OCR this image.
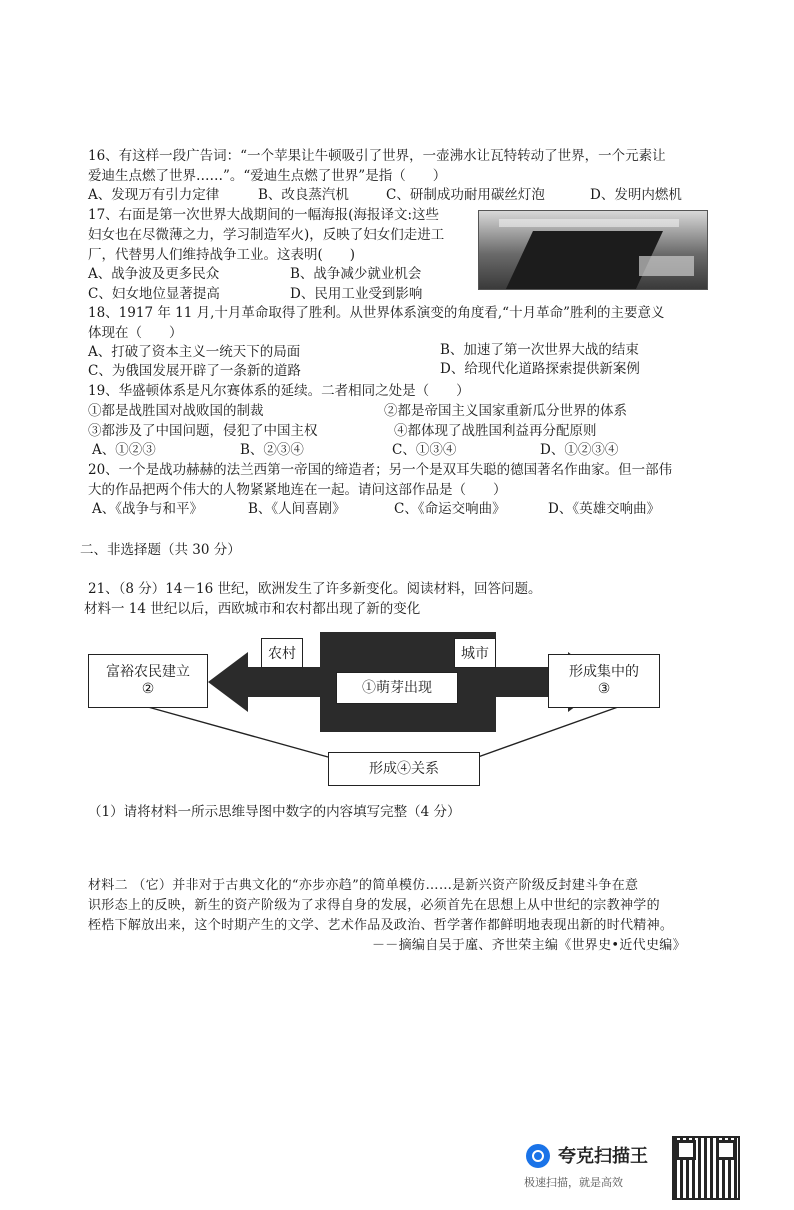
16、有这样一段广告词：“一个苹果让牛顿吸引了世界，一壶沸水让瓦特转动了世界，一个元素让
爱迪生点燃了世界……”。“爱迪生点燃了世界”是指（　　）
A、发现万有引力定律	B、改良蒸汽机	C、研制成功耐用碳丝灯泡	D、发明内燃机
17、右面是第一次世界大战期间的一幅海报(海报译文:这些
妇女也在尽微薄之力，学习制造军火)，反映了妇女们走进工
厂，代替男人们维持战争工业。这表明(　　)
A、战争波及更多民众	B、战争减少就业机会
C、妇女地位显著提高	D、民用工业受到影响
18、1917 年 11 月,十月革命取得了胜利。从世界体系演变的角度看,“十月革命”胜利的主要意义
体现在（　　）
A、打破了资本主义一统天下的局面	B、加速了第一次世界大战的结束
C、为俄国发展开辟了一条新的道路	D、给现代化道路探索提供新案例
19、华盛顿体系是凡尔赛体系的延续。二者相同之处是（　　）
①都是战胜国对战败国的制裁	②都是帝国主义国家重新瓜分世界的体系
③都涉及了中国问题，侵犯了中国主权	④都体现了战胜国利益再分配原则
A、①②③	B、②③④	C、①③④	D、①②③④
20、一个是战功赫赫的法兰西第一帝国的缔造者；另一个是双耳失聪的德国著名作曲家。但一部伟
大的作品把两个伟大的人物紧紧地连在一起。请问这部作品是（　　）
A、《战争与和平》	B、《人间喜剧》	C、《命运交响曲》	D、《英雄交响曲》
二、非选择题（共 30 分）
21、（8 分）14－16 世纪，欧洲发生了许多新变化。阅读材料，回答问题。
材料一 14 世纪以后，西欧城市和农村都出现了新的变化
富裕农民建立
②
农村
①萌芽出现
城市
形成集中的
③
形成④关系
（1）请将材料一所示思维导图中数字的内容填写完整（4 分）
材料二 （它）并非对于古典文化的“亦步亦趋”的简单模仿……是新兴资产阶级反封建斗争在意
识形态上的反映，新生的资产阶级为了求得自身的发展，必须首先在思想上从中世纪的宗教神学的
桎梏下解放出来，这个时期产生的文学、艺术作品及政治、哲学著作都鲜明地表现出新的时代精神。
－－摘编自吴于廑、齐世荣主编《世界史•近代史编》
夸克扫描王
极速扫描，就是高效
